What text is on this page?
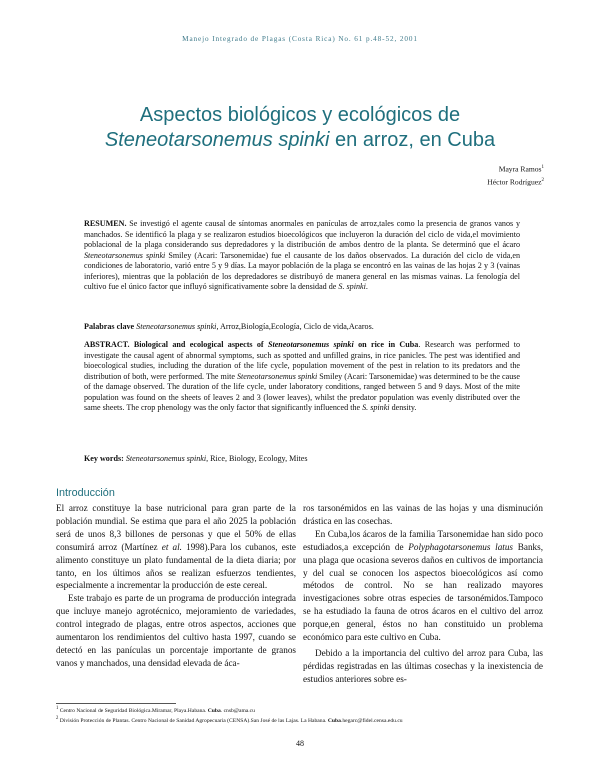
Manejo Integrado de Plagas (Costa Rica) No. 61 p.48-52, 2001
Aspectos biológicos y ecológicos de
Steneotarsonemus spinki en arroz, en Cuba
Mayra Ramos$^1$
Héctor Rodríguez$^2$
RESUMEN. Se investigó el agente causal de síntomas anormales en panículas de arroz,tales como la presencia de granos vanos y manchados. Se identificó la plaga y se realizaron estudios bioecológicos que incluyeron la duración del ciclo de vida,el movimiento poblacional de la plaga considerando sus depredadores y la distribución de ambos dentro de la planta. Se determinó que el ácaro Steneotarsonemus spinki Smiley (Acari: Tarsonemidae) fue el causante de los daños observados. La duración del ciclo de vida,en condiciones de laboratorio, varió entre 5 y 9 días. La mayor población de la plaga se encontró en las vainas de las hojas 2 y 3 (vainas inferiores), mientras que la población de los depredadores se distribuyó de manera general en las mismas vainas. La fenología del cultivo fue el único factor que influyó significativamente sobre la densidad de S. spinki.
Palabras clave Steneotarsonemus spinki, Arroz,Biología,Ecología, Ciclo de vida,Acaros.
ABSTRACT. Biological and ecological aspects of Steneotarsonemus spinki on rice in Cuba. Research was performed to investigate the causal agent of abnormal symptoms, such as spotted and unfilled grains, in rice panicles. The pest was identified and bioecological studies, including the duration of the life cycle, population movement of the pest in relation to its predators and the distribution of both, were performed. The mite Steneotarsonemus spinki Smiley (Acari: Tarsonemidae) was determined to be the cause of the damage observed. The duration of the life cycle, under laboratory conditions, ranged between 5 and 9 days. Most of the mite population was found on the sheets of leaves 2 and 3 (lower leaves), whilst the predator population was evenly distributed over the same sheets. The crop phenology was the only factor that significantly influenced the S. spinki density.
Key words: Steneotarsonemus spinki, Rice, Biology, Ecology, Mites
Introducción

El arroz constituye la base nutricional para gran parte de la población mundial. Se estima que para el año 2025 la población será de unos 8,3 billones de personas y que el 50% de ellas consumirá arroz (Martínez et al. 1998).Para los cubanos, este alimento constituye un plato fundamental de la dieta diaria; por tanto, en los últimos años se realizan esfuerzos tendientes, especialmente a incrementar la producción de este cereal.

Este trabajo es parte de un programa de producción integrada que incluye manejo agrotécnico, mejoramiento de variedades, control integrado de plagas, entre otros aspectos, acciones que aumentaron los rendimientos del cultivo hasta 1997, cuando se detectó en las panículas un porcentaje importante de granos vanos y manchados, una densidad elevada de áca-

ros tarsonémidos en las vainas de las hojas y una disminución drástica en las cosechas.

En Cuba,los ácaros de la familia Tarsonemidae han sido poco estudiados,a excepción de Polyphagotarsonemus latus Banks, una plaga que ocasiona severos daños en cultivos de importancia y del cual se conocen los aspectos bioecológicos así como métodos de control. No se han realizado mayores investigaciones sobre otras especies de tarsonémidos.Tampoco se ha estudiado la fauna de otros ácaros en el cultivo del arroz porque,en general, éstos no han constituido un problema económico para este cultivo en Cuba.

Debido a la importancia del cultivo del arroz para Cuba, las pérdidas registradas en las últimas cosechas y la inexistencia de estudios anteriores sobre es-

$^1$ Centro Nacional de Seguridad Biológica.Miramar, Playa.Habana. Cuba. cnsb@ama.cu
$^2$ División Protección de Plantas. Centro Nacional de Sanidad Agropecuaria (CENSA).San José de las Lajas. La Habana. Cuba.hegarc@fidel.censa.edu.cu
48
